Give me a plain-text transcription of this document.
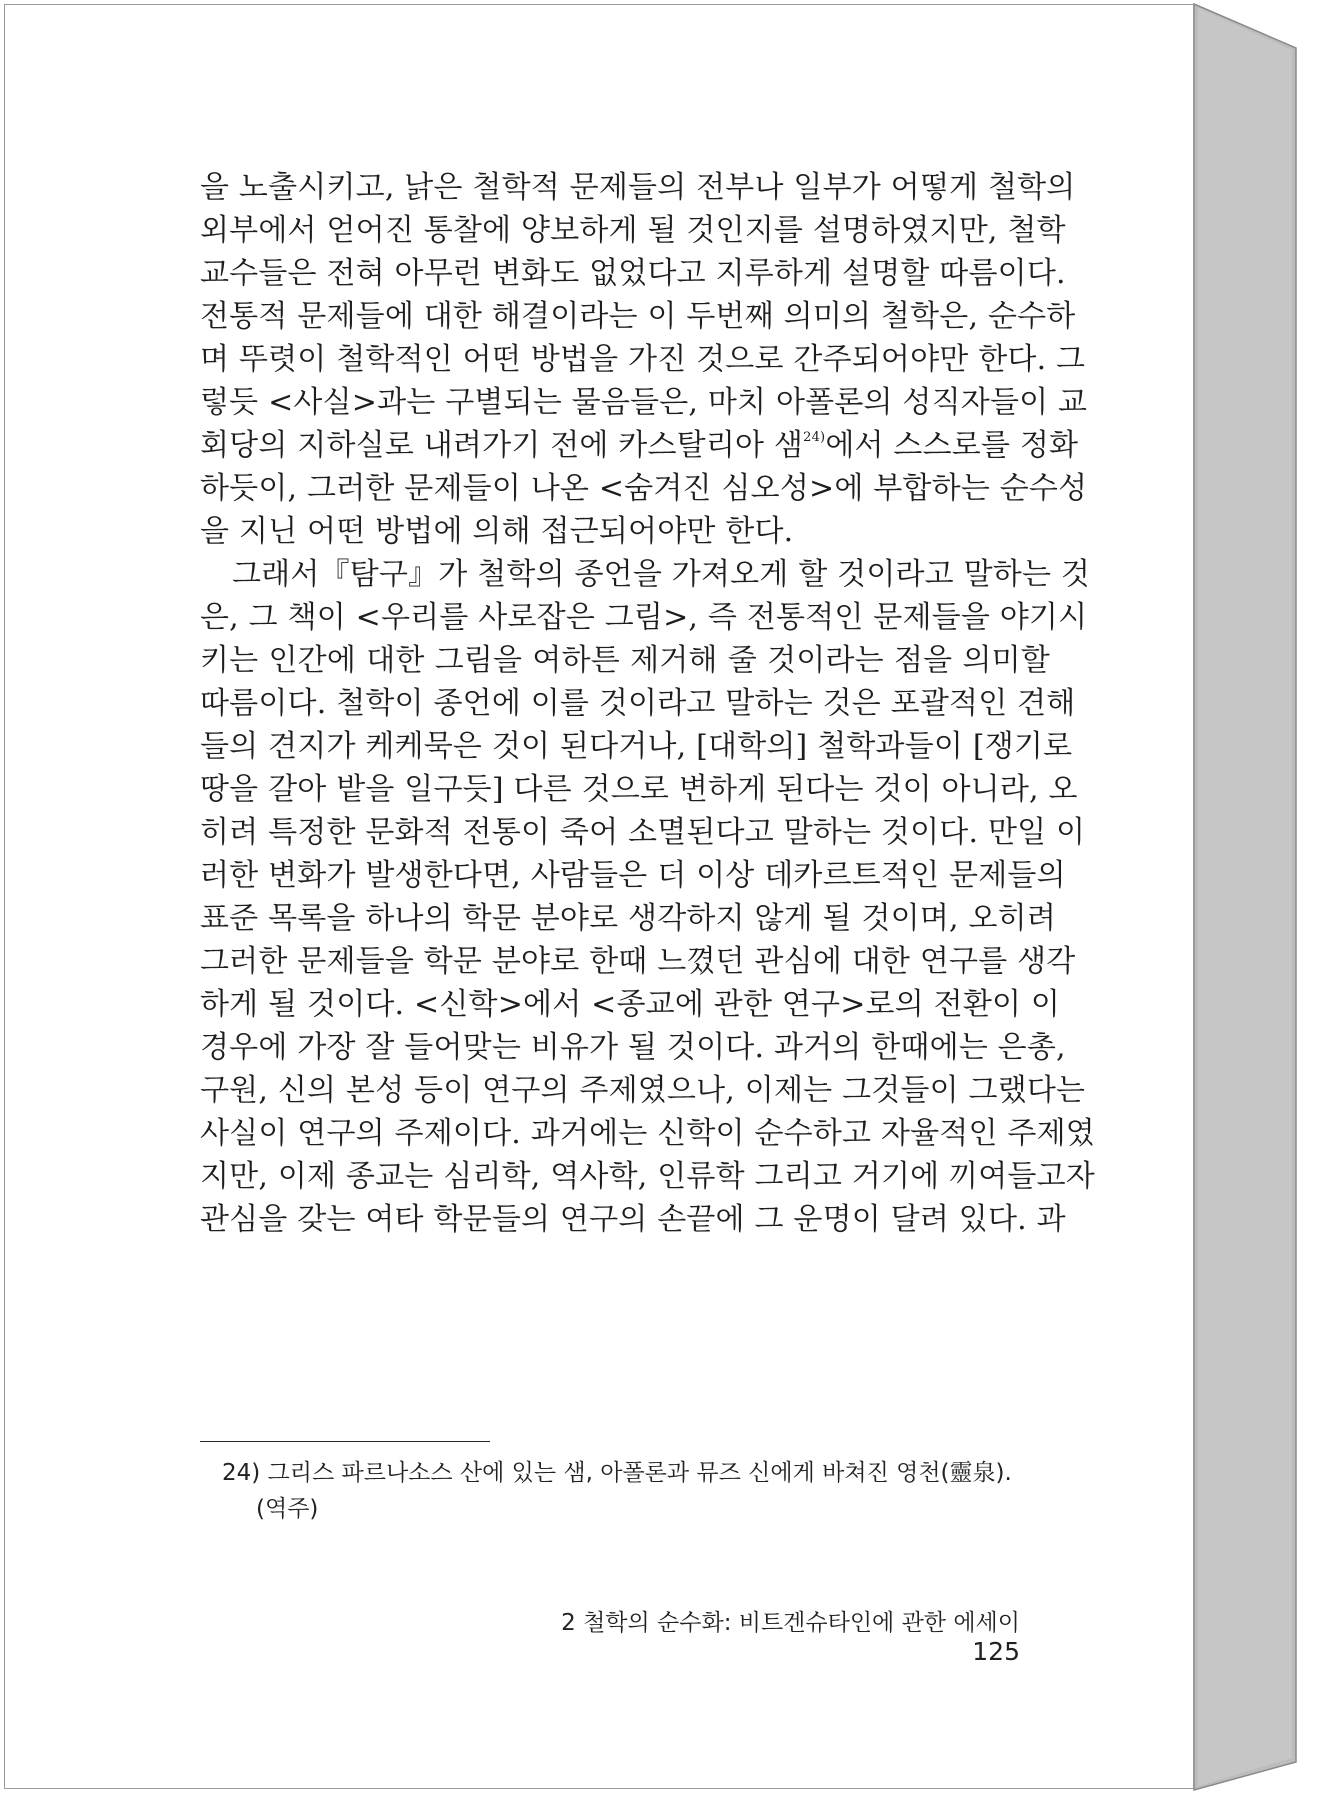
을 노출시키고, 낡은 철학적 문제들의 전부나 일부가 어떻게 철학의
외부에서 얻어진 통찰에 양보하게 될 것인지를 설명하였지만, 철학
교수들은 전혀 아무런 변화도 없었다고 지루하게 설명할 따름이다.
전통적 문제들에 대한 해결이라는 이 두번째 의미의 철학은, 순수하
며 뚜렷이 철학적인 어떤 방법을 가진 것으로 간주되어야만 한다. 그
렇듯 <사실>과는 구별되는 물음들은, 마치 아폴론의 성직자들이 교
회당의 지하실로 내려가기 전에 카스탈리아 샘$^{24)}$에서 스스로를 정화
하듯이, 그러한 문제들이 나온 <숨겨진 심오성>에 부합하는 순수성
을 지닌 어떤 방법에 의해 접근되어야만 한다.
그래서『탐구』가 철학의 종언을 가져오게 할 것이라고 말하는 것
은, 그 책이 <우리를 사로잡은 그림>, 즉 전통적인 문제들을 야기시
키는 인간에 대한 그림을 여하튼 제거해 줄 것이라는 점을 의미할
따름이다. 철학이 종언에 이를 것이라고 말하는 것은 포괄적인 견해
들의 견지가 케케묵은 것이 된다거나, [대학의] 철학과들이 [쟁기로
땅을 갈아 밭을 일구듯] 다른 것으로 변하게 된다는 것이 아니라, 오
히려 특정한 문화적 전통이 죽어 소멸된다고 말하는 것이다. 만일 이
러한 변화가 발생한다면, 사람들은 더 이상 데카르트적인 문제들의
표준 목록을 하나의 학문 분야로 생각하지 않게 될 것이며, 오히려
그러한 문제들을 학문 분야로 한때 느꼈던 관심에 대한 연구를 생각
하게 될 것이다. <신학>에서 <종교에 관한 연구>로의 전환이 이
경우에 가장 잘 들어맞는 비유가 될 것이다. 과거의 한때에는 은총,
구원, 신의 본성 등이 연구의 주제였으나, 이제는 그것들이 그랬다는
사실이 연구의 주제이다. 과거에는 신학이 순수하고 자율적인 주제였
지만, 이제 종교는 심리학, 역사학, 인류학 그리고 거기에 끼여들고자
관심을 갖는 여타 학문들의 연구의 손끝에 그 운명이 달려 있다. 과
24) 그리스 파르나소스 산에 있는 샘, 아폴론과 뮤즈 신에게 바쳐진 영천(靈泉).
(역주)
2 철학의 순수화: 비트겐슈타인에 관한 에세이125
